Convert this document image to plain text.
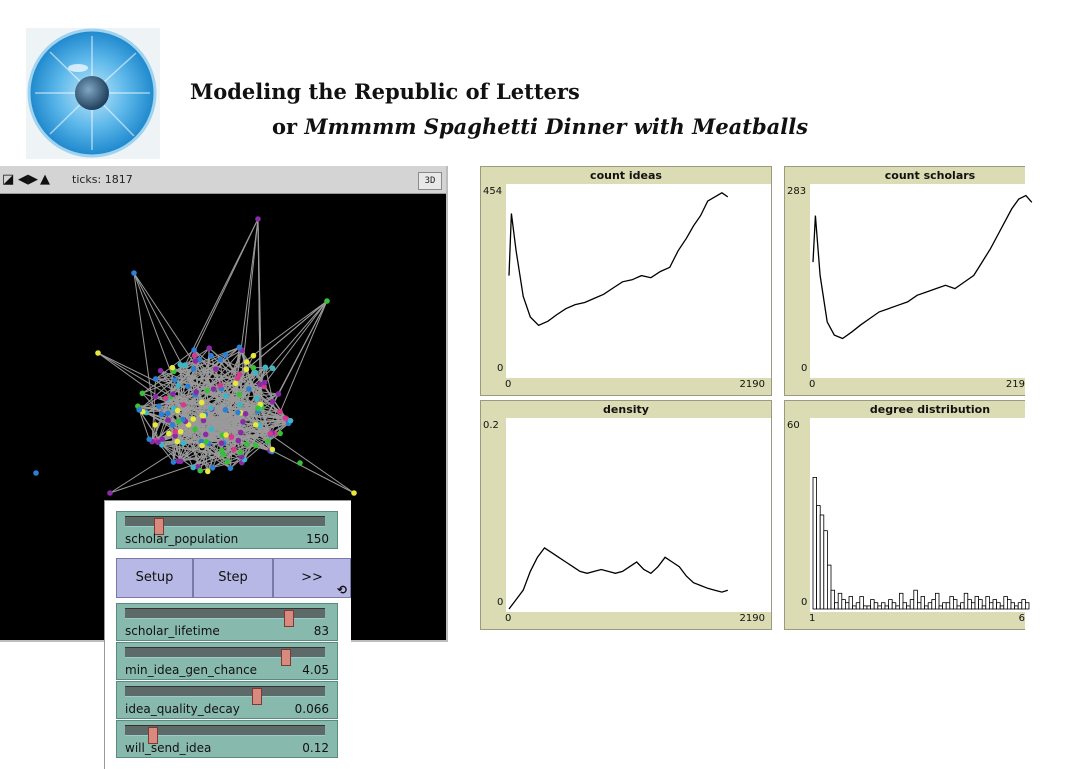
Modeling the Republic of Letters
or Mmmmm Spaghetti Dinner with Meatballs
◪ ◀▶ ▲ ticks: 1817	3D
scholar_population	150
Setup	Step	>>
⟲
scholar_lifetime	83
min_idea_gen_chance	4.05
idea_quality_decay	0.066
will_send_idea	0.12
count ideas
454
0
0	2190
count scholars
283
0
0	219
density
0.2
0
0	2190
degree distribution
60
0
1	6
